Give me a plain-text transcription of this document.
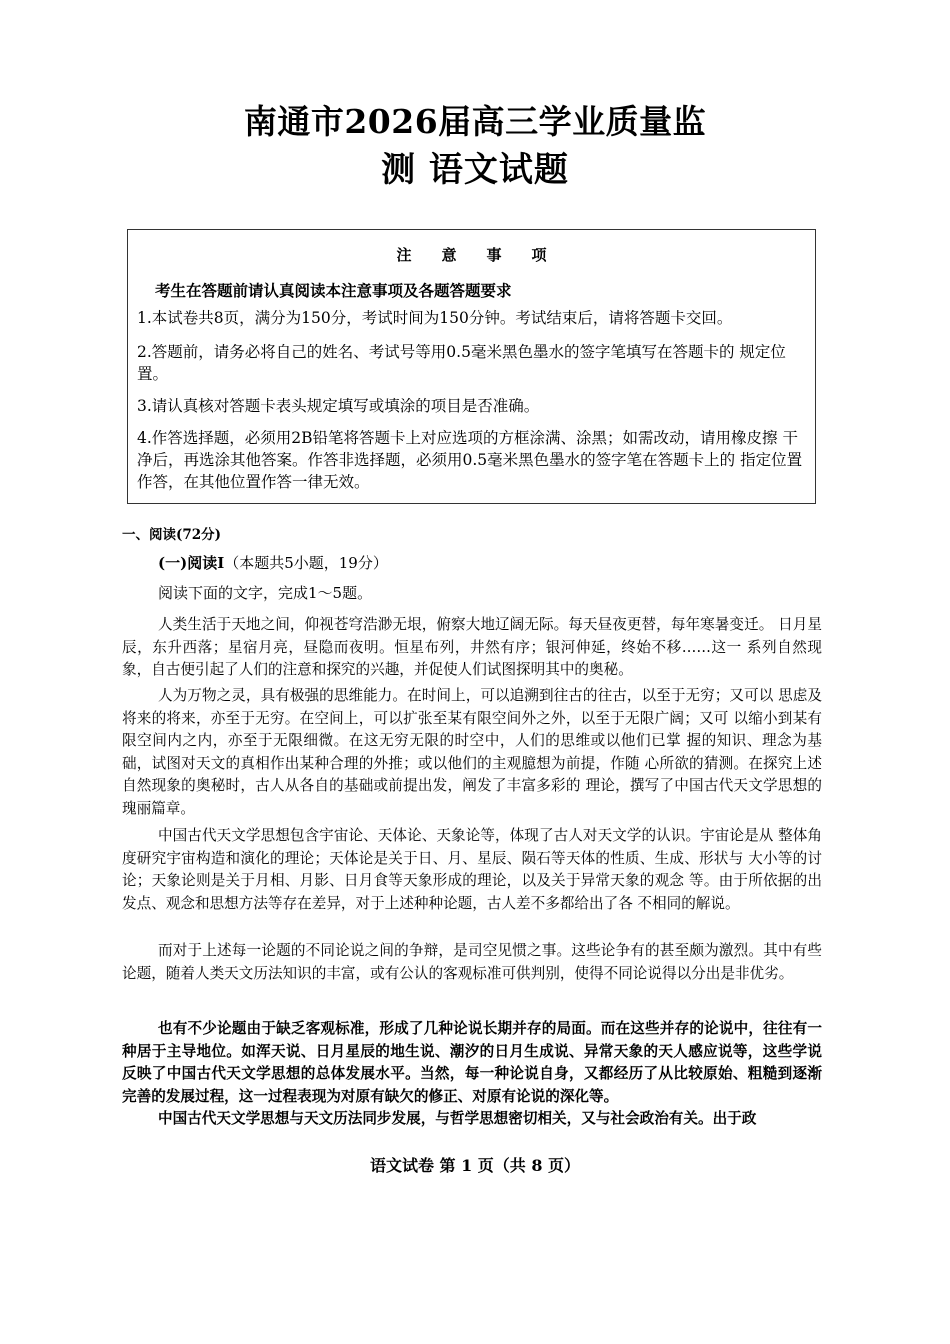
南通市2026届高三学业质量监
测 语文试题
注意事项
考生在答题前请认真阅读本注意事项及各题答题要求
1.本试卷共8页，满分为150分，考试时间为150分钟。考试结束后，请将答题卡交回。
2.答题前，请务必将自己的姓名、考试号等用0.5毫米黑色墨水的签字笔填写在答题卡的 规定位置。
3.请认真核对答题卡表头规定填写或填涂的项目是否准确。
4.作答选择题，必须用2B铅笔将答题卡上对应选项的方框涂满、涂黑；如需改动，请用橡皮擦 干净后，再选涂其他答案。作答非选择题，必须用0.5毫米黑色墨水的签字笔在答题卡上的 指定位置作答，在其他位置作答一律无效。
一、阅读(72分)
(一)阅读Ⅰ（本题共5小题，19分）
阅读下面的文字，完成1～5题。

人类生活于天地之间，仰视苍穹浩渺无垠，俯察大地辽阔无际。每天昼夜更替，每年寒暑变迁。 日月星辰，东升西落；星宿月亮，昼隐而夜明。恒星布列，井然有序；银河伸延，终始不移……这一 系列自然现象，自古便引起了人们的注意和探究的兴趣，并促使人们试图探明其中的奥秘。

人为万物之灵，具有极强的思维能力。在时间上，可以追溯到往古的往古，以至于无穷；又可以 思虑及将来的将来，亦至于无穷。在空间上，可以扩张至某有限空间外之外，以至于无限广阔；又可 以缩小到某有限空间内之内，亦至于无限细微。在这无穷无限的时空中，人们的思维或以他们已掌 握的知识、理念为基础，试图对天文的真相作出某种合理的外推；或以他们的主观臆想为前提，作随 心所欲的猜测。在探究上述自然现象的奥秘时，古人从各自的基础或前提出发，阐发了丰富多彩的 理论，撰写了中国古代天文学思想的瑰丽篇章。

中国古代天文学思想包含宇宙论、天体论、天象论等，体现了古人对天文学的认识。宇宙论是从 整体角度研究宇宙构造和演化的理论；天体论是关于日、月、星辰、陨石等天体的性质、生成、形状与 大小等的讨论；天象论则是关于月相、月影、日月食等天象形成的理论，以及关于异常天象的观念 等。由于所依据的出发点、观念和思想方法等存在差异，对于上述种种论题，古人差不多都给出了各 不相同的解说。

而对于上述每一论题的不同论说之间的争辩，是司空见惯之事。这些论争有的甚至颇为激烈。其中有些论题，随着人类天文历法知识的丰富，或有公认的客观标准可供判别，使得不同论说得以分出是非优劣。

也有不少论题由于缺乏客观标准，形成了几种论说长期并存的局面。而在这些并存的论说中，往往有一种居于主导地位。如浑天说、日月星辰的地生说、潮汐的日月生成说、异常天象的天人感应说等，这些学说反映了中国古代天文学思想的总体发展水平。当然，每一种论说自身，又都经历了从比较原始、粗糙到逐渐完善的发展过程，这一过程表现为对原有缺欠的修正、对原有论说的深化等。

中国古代天文学思想与天文历法同步发展，与哲学思想密切相关，又与社会政治有关。出于政

语文试卷 第 1 页（共 8 页）
